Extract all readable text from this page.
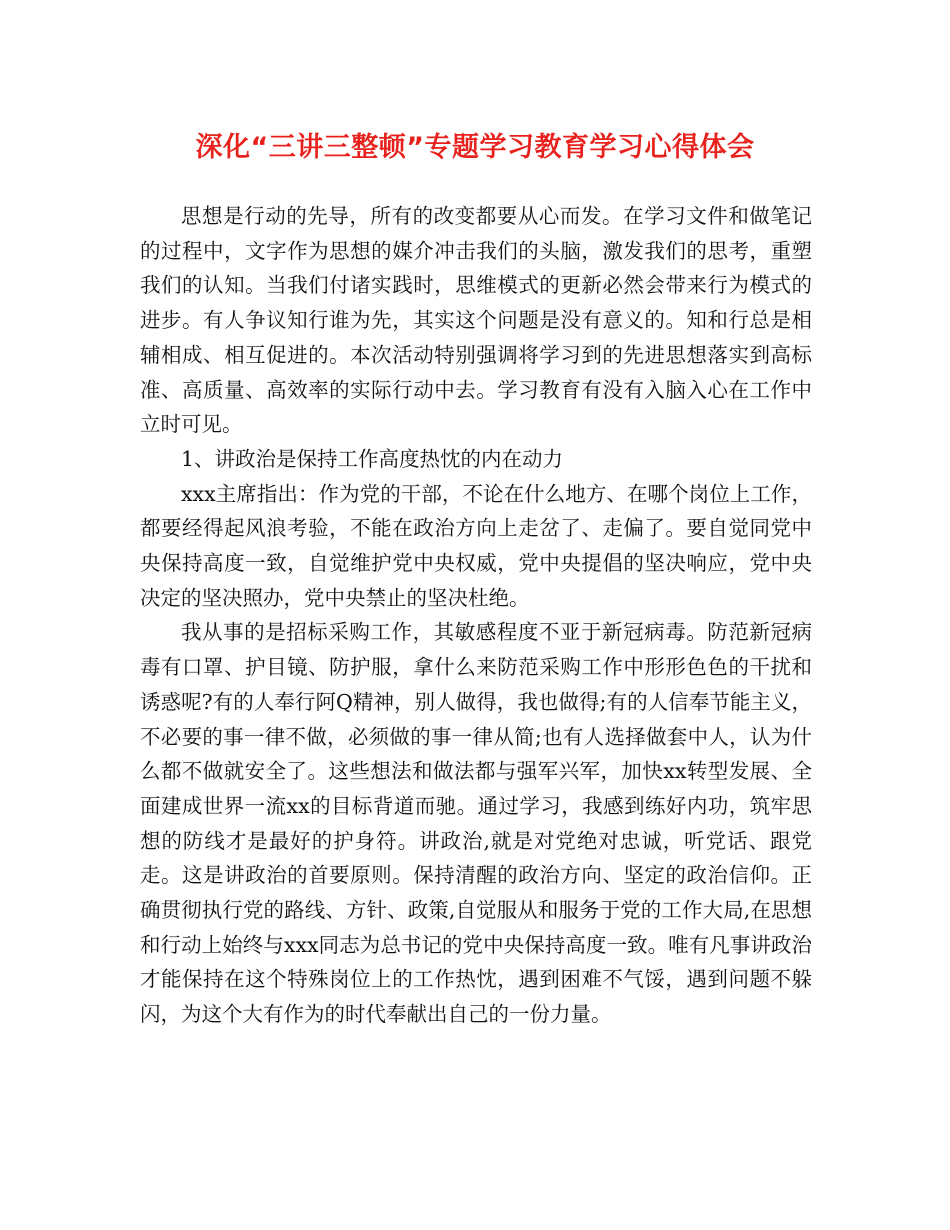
深化“三讲三整顿”专题学习教育学习心得体会

思想是行动的先导，所有的改变都要从心而发。在学习文件和做笔记的过程中，文字作为思想的媒介冲击我们的头脑，激发我们的思考，重塑我们的认知。当我们付诸实践时，思维模式的更新必然会带来行为模式的进步。有人争议知行谁为先，其实这个问题是没有意义的。知和行总是相辅相成、相互促进的。本次活动特别强调将学习到的先进思想落实到高标准、高质量、高效率的实际行动中去。学习教育有没有入脑入心在工作中立时可见。

1、讲政治是保持工作高度热忱的内在动力

xxx主席指出：作为党的干部，不论在什么地方、在哪个岗位上工作，都要经得起风浪考验，不能在政治方向上走岔了、走偏了。要自觉同党中央保持高度一致，自觉维护党中央权威，党中央提倡的坚决响应，党中央决定的坚决照办，党中央禁止的坚决杜绝。

我从事的是招标采购工作，其敏感程度不亚于新冠病毒。防范新冠病毒有口罩、护目镜、防护服，拿什么来防范采购工作中形形色色的干扰和诱惑呢?有的人奉行阿Q精神，别人做得，我也做得;有的人信奉节能主义，不必要的事一律不做，必须做的事一律从简;也有人选择做套中人，认为什么都不做就安全了。这些想法和做法都与强军兴军，加快xx转型发展、全面建成世界一流xx的目标背道而驰。通过学习，我感到练好内功，筑牢思想的防线才是最好的护身符。讲政治,就是对党绝对忠诚，听党话、跟党走。这是讲政治的首要原则。保持清醒的政治方向、坚定的政治信仰。正确贯彻执行党的路线、方针、政策,自觉服从和服务于党的工作大局,在思想和行动上始终与xxx同志为总书记的党中央保持高度一致。唯有凡事讲政治才能保持在这个特殊岗位上的工作热忱，遇到困难不气馁，遇到问题不躲闪，为这个大有作为的时代奉献出自己的一份力量。
